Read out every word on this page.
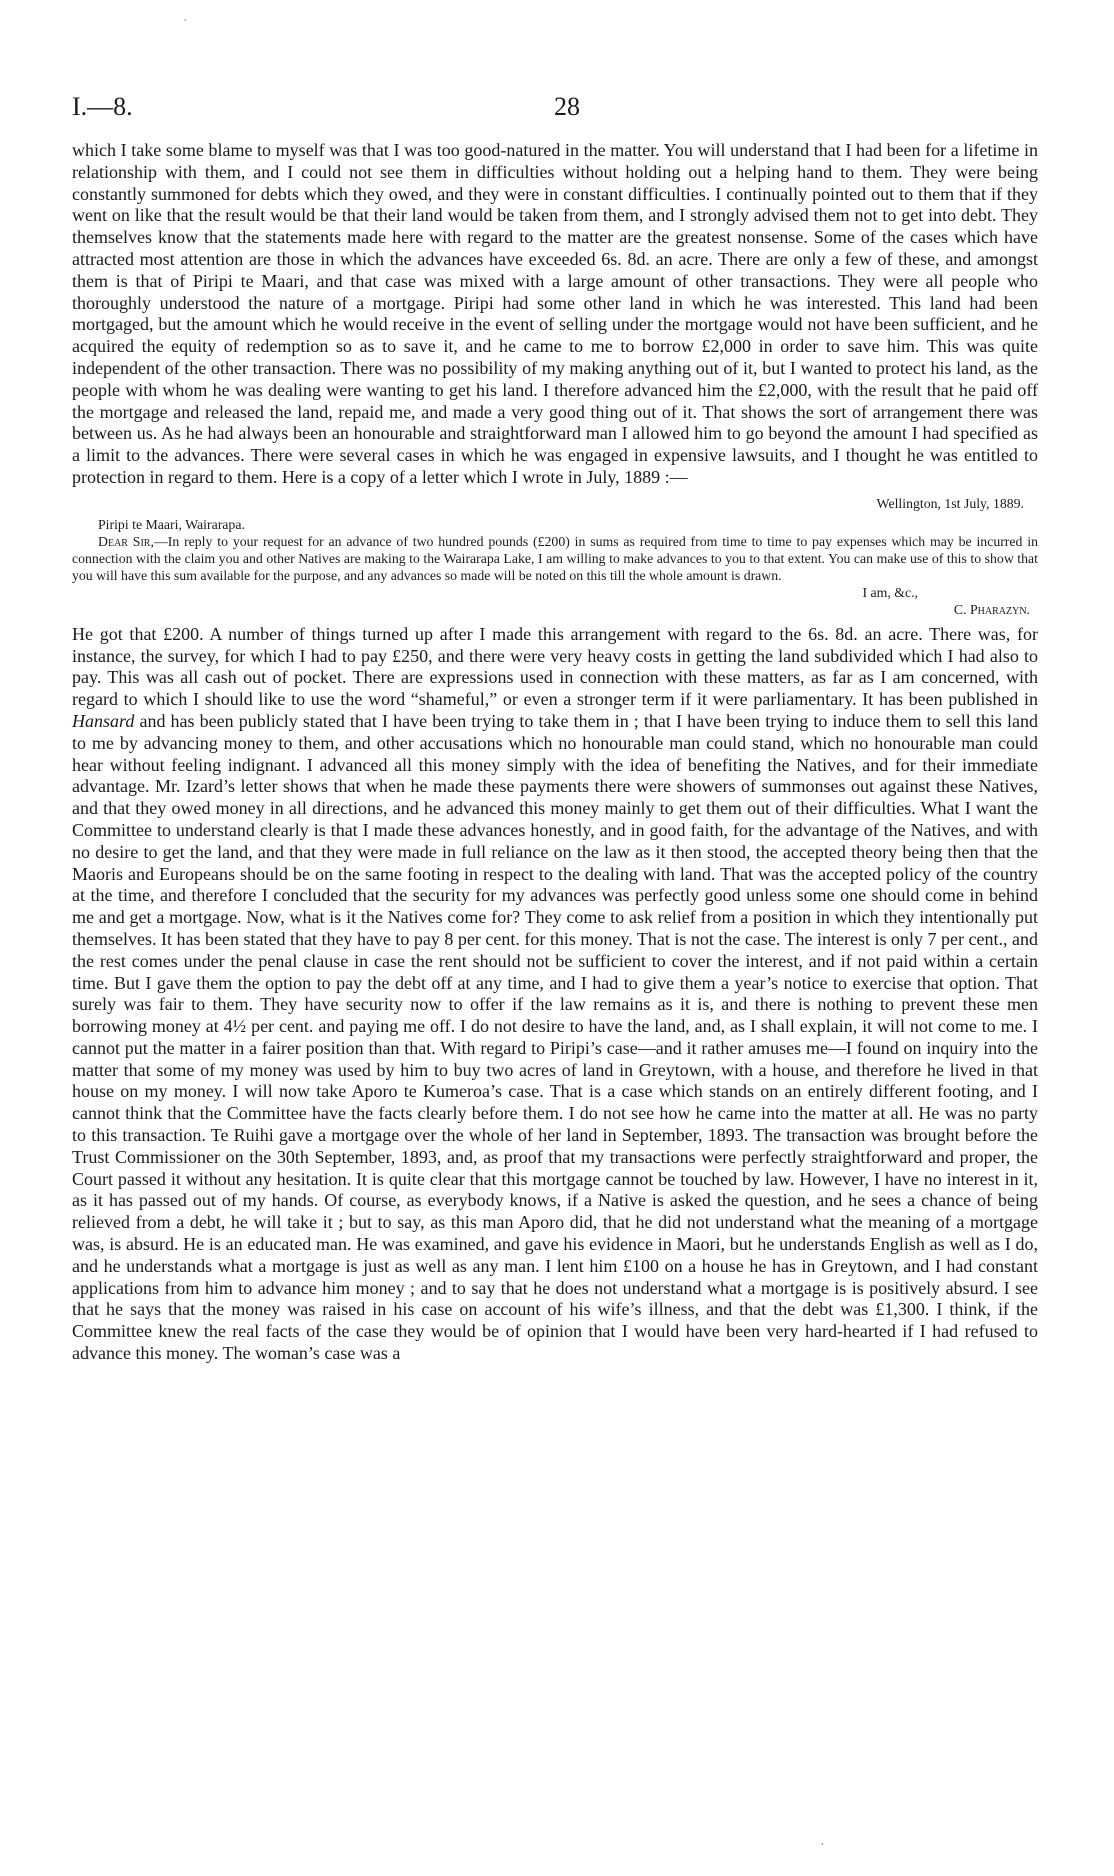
·
I.—8.	28

which I take some blame to myself was that I was too good-natured in the matter. You will understand that I had been for a lifetime in relationship with them, and I could not see them in difficulties without holding out a helping hand to them. They were being constantly summoned for debts which they owed, and they were in constant difficulties. I continually pointed out to them that if they went on like that the result would be that their land would be taken from them, and I strongly advised them not to get into debt. They themselves know that the statements made here with regard to the matter are the greatest nonsense. Some of the cases which have attracted most attention are those in which the advances have exceeded 6s. 8d. an acre. There are only a few of these, and amongst them is that of Piripi te Maari, and that case was mixed with a large amount of other transactions. They were all people who thoroughly understood the nature of a mortgage. Piripi had some other land in which he was interested. This land had been mortgaged, but the amount which he would receive in the event of selling under the mortgage would not have been sufficient, and he acquired the equity of redemption so as to save it, and he came to me to borrow £2,000 in order to save him. This was quite independent of the other transaction. There was no possibility of my making anything out of it, but I wanted to protect his land, as the people with whom he was dealing were wanting to get his land. I therefore advanced him the £2,000, with the result that he paid off the mortgage and released the land, repaid me, and made a very good thing out of it. That shows the sort of arrangement there was between us. As he had always been an honourable and straightforward man I allowed him to go beyond the amount I had specified as a limit to the advances. There were several cases in which he was engaged in expensive lawsuits, and I thought he was entitled to protection in regard to them. Here is a copy of a letter which I wrote in July, 1889 :—

Wellington, 1st July, 1889.

Piripi te Maari, Wairarapa.

Dear Sir,—In reply to your request for an advance of two hundred pounds (£200) in sums as required from time to time to pay expenses which may be incurred in connection with the claim you and other Natives are making to the Wairarapa Lake, I am willing to make advances to you to that extent. You can make use of this to show that you will have this sum available for the purpose, and any advances so made will be noted on this till the whole amount is drawn.

I am, &c.,

C. Pharazyn.

He got that £200. A number of things turned up after I made this arrangement with regard to the 6s. 8d. an acre. There was, for instance, the survey, for which I had to pay £250, and there were very heavy costs in getting the land subdivided which I had also to pay. This was all cash out of pocket. There are expressions used in connection with these matters, as far as I am concerned, with regard to which I should like to use the word “shameful,” or even a stronger term if it were parliamentary. It has been published in Hansard and has been publicly stated that I have been trying to take them in ; that I have been trying to induce them to sell this land to me by advancing money to them, and other accusations which no honourable man could stand, which no honourable man could hear without feeling indignant. I advanced all this money simply with the idea of benefiting the Natives, and for their immediate advantage. Mr. Izard’s letter shows that when he made these payments there were showers of summonses out against these Natives, and that they owed money in all directions, and he advanced this money mainly to get them out of their difficulties. What I want the Committee to understand clearly is that I made these advances honestly, and in good faith, for the advantage of the Natives, and with no desire to get the land, and that they were made in full reliance on the law as it then stood, the accepted theory being then that the Maoris and Europeans should be on the same footing in respect to the dealing with land. That was the accepted policy of the country at the time, and therefore I concluded that the security for my advances was perfectly good unless some one should come in behind me and get a mortgage. Now, what is it the Natives come for? They come to ask relief from a position in which they intentionally put themselves. It has been stated that they have to pay 8 per cent. for this money. That is not the case. The interest is only 7 per cent., and the rest comes under the penal clause in case the rent should not be sufficient to cover the interest, and if not paid within a certain time. But I gave them the option to pay the debt off at any time, and I had to give them a year’s notice to exercise that option. That surely was fair to them. They have security now to offer if the law remains as it is, and there is nothing to prevent these men borrowing money at 4½ per cent. and paying me off. I do not desire to have the land, and, as I shall explain, it will not come to me. I cannot put the matter in a fairer position than that. With regard to Piripi’s case—and it rather amuses me—I found on inquiry into the matter that some of my money was used by him to buy two acres of land in Greytown, with a house, and therefore he lived in that house on my money. I will now take Aporo te Kumeroa’s case. That is a case which stands on an entirely different footing, and I cannot think that the Committee have the facts clearly before them. I do not see how he came into the matter at all. He was no party to this transaction. Te Ruihi gave a mortgage over the whole of her land in September, 1893. The transaction was brought before the Trust Commissioner on the 30th September, 1893, and, as proof that my transactions were perfectly straightforward and proper, the Court passed it without any hesitation. It is quite clear that this mortgage cannot be touched by law. However, I have no interest in it, as it has passed out of my hands. Of course, as everybody knows, if a Native is asked the question, and he sees a chance of being relieved from a debt, he will take it ; but to say, as this man Aporo did, that he did not understand what the meaning of a mortgage was, is absurd. He is an educated man. He was examined, and gave his evidence in Maori, but he understands English as well as I do, and he understands what a mortgage is just as well as any man. I lent him £100 on a house he has in Greytown, and I had constant applications from him to advance him money ; and to say that he does not understand what a mortgage is is positively absurd. I see that he says that the money was raised in his case on account of his wife’s illness, and that the debt was £1,300. I think, if the Committee knew the real facts of the case they would be of opinion that I would have been very hard-hearted if I had refused to advance this money. The woman’s case was a

·
